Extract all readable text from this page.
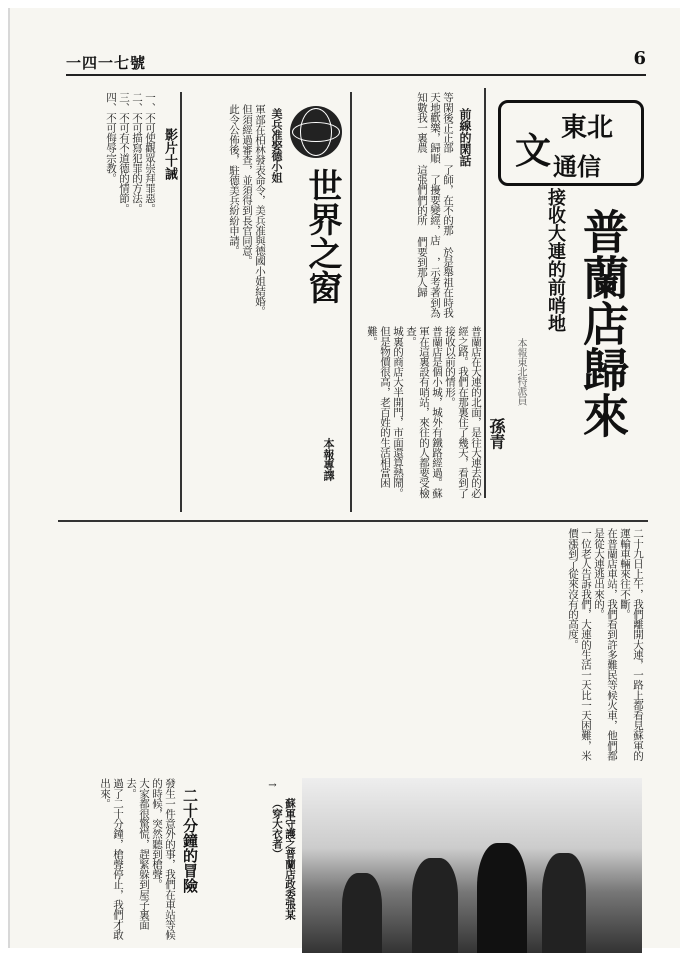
一四一七號	6
東北
文 通信
接收大連的前哨地 普蘭店歸來
本報東北特派員
孫青
前線的閑話
等閑後正正部 了師，在不的那 於是舉祖在時我 天地歡樂，歸順 了擾要變經，店 ，示考著到為 知數我一裏農 這張們們的所 們要到那人歸

普蘭店在大連的北面，是往大連去的必經之路。我們在那裏住了幾天，看到了接收以前的情形。

普蘭店是個小城，城外有鐵路經過。蘇軍在這裏設有哨站，來往的人都要受檢查。

城裏的商店大半開門，市面還算熱鬧。但是物價很高，老百姓的生活相當困難。

世界之窗
本報專譯
美兵准娶德小姐

軍部在柏林發表命令，美兵准與德國小姐結婚。

但須經過審查，並須得到長官同意。

此令公佈後，駐德美兵紛紛申請。

影片十誡

一、不可使觀眾崇拜罪惡。

二、不可描寫犯罪的方法。

三、不可有不道德的情節。

四、不可侮辱宗教。

二十九日上午，我們離開大連，一路上都看見蘇軍的運輸車輛來往不斷。

在普蘭店車站，我們看到許多難民等候火車，他們都是從大連逃出來的。

一位老人告訴我們，大連的生活一天比一天困難，米價漲到了從來沒有的高度。

二十分鐘的冒險

發生一件意外的事，我們在車站等候的時候，突然聽到槍聲。

大家都很驚慌，趕緊躲到屋子裏面去。

過了二十分鐘，槍聲停止，我們才敢出來。	→
蘇軍守護之普蘭店政委張某 （穿大衣者）
